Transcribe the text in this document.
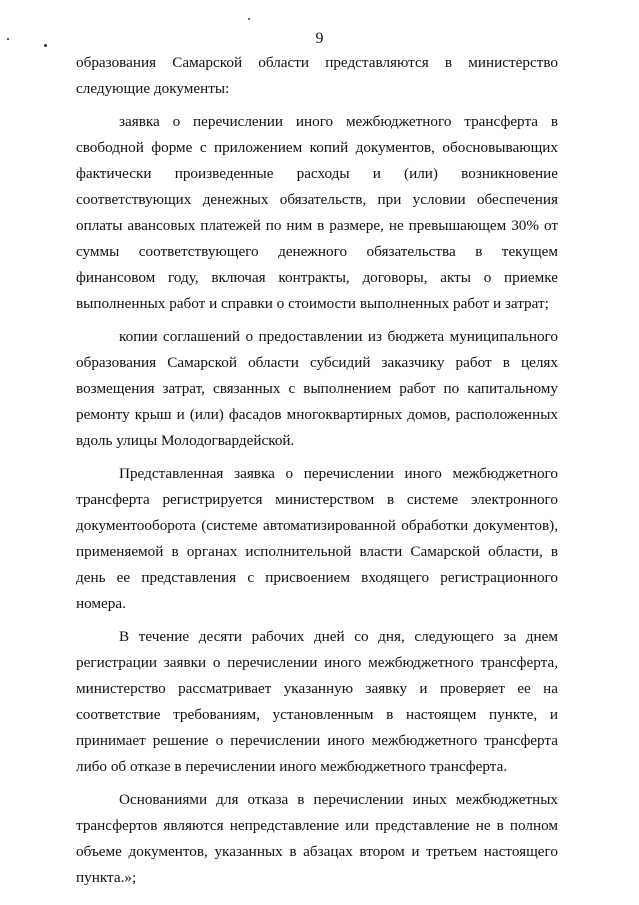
9

образования Самарской области представляются в министерство следующие документы:

заявка о перечислении иного межбюджетного трансферта в свободной форме с приложением копий документов, обосновывающих фактически произведенные расходы и (или) возникновение соответствующих денежных обязательств, при условии обеспечения оплаты авансовых платежей по ним в размере, не превышающем 30% от суммы соответствующего денежного обязательства в текущем финансовом году, включая контракты, договоры, акты о приемке выполненных работ и справки о стоимости выполненных работ и затрат;

копии соглашений о предоставлении из бюджета муниципального образования Самарской области субсидий заказчику работ в целях возмещения затрат, связанных с выполнением работ по капитальному ремонту крыш и (или) фасадов многоквартирных домов, расположенных вдоль улицы Молодогвардейской.

Представленная заявка о перечислении иного межбюджетного трансферта регистрируется министерством в системе электронного документооборота (системе автоматизированной обработки документов), применяемой в органах исполнительной власти Самарской области, в день ее представления с присвоением входящего регистрационного номера.

В течение десяти рабочих дней со дня, следующего за днем регистрации заявки о перечислении иного межбюджетного трансферта, министерство рассматривает указанную заявку и проверяет ее на соответствие требованиям, установленным в настоящем пункте, и принимает решение о перечислении иного межбюджетного трансферта либо об отказе в перечислении иного межбюджетного трансферта.

Основаниями для отказа в перечислении иных межбюджетных трансфертов являются непредставление или представление не в полном объеме документов, указанных в абзацах втором и третьем настоящего пункта.»;
